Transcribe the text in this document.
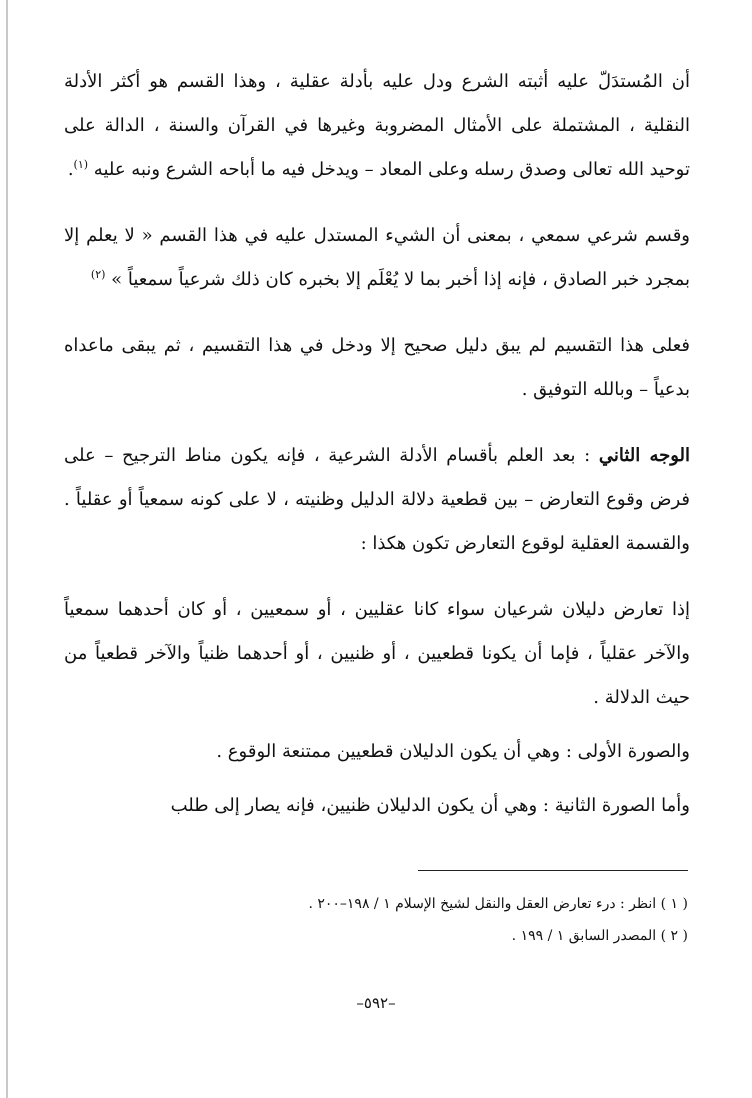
أن المُستدَلّ عليه أثبته الشرع ودل عليه بأدلة عقلية ، وهذا القسم هو أكثر الأدلة النقلية ، المشتملة على الأمثال المضروبة وغيرها في القرآن والسنة ، الدالة على توحيد الله تعالى وصدق رسله وعلى المعاد – ويدخل فيه ما أباحه الشرع ونبه عليه $^{(١)}$.

وقسم شرعي سمعي ، بمعنى أن الشيء المستدل عليه في هذا القسم « لا يعلم إلا بمجرد خبر الصادق ، فإنه إذا أخبر بما لا يُعْلَم إلا بخبره كان ذلك شرعياً سمعياً » $^{(٢)}$

فعلى هذا التقسيم لم يبق دليل صحيح إلا ودخل في هذا التقسيم ، ثم يبقى ماعداه بدعياً – وبالله التوفيق .

الوجه الثاني : بعد العلم بأقسام الأدلة الشرعية ، فإنه يكون مناط الترجيح – على فرض وقوع التعارض – بين قطعية دلالة الدليل وظنيته ، لا على كونه سمعياً أو عقلياً . والقسمة العقلية لوقوع التعارض تكون هكذا :

إذا تعارض دليلان شرعيان سواء كانا عقليين ، أو سمعيين ، أو كان أحدهما سمعياً والآخر عقلياً ، فإما أن يكونا قطعيين ، أو ظنيين ، أو أحدهما ظنياً والآخر قطعياً من حيث الدلالة .

والصورة الأولى : وهي أن يكون الدليلان قطعيين ممتنعة الوقوع .

وأما الصورة الثانية : وهي أن يكون الدليلان ظنيين، فإنه يصار إلى طلب

( ١ ) انظر : درء تعارض العقل والنقل لشيخ الإسلام ١ / ١٩٨–٢٠٠ .

( ٢ ) المصدر السابق ١ / ١٩٩ .

–٥٩٢–
